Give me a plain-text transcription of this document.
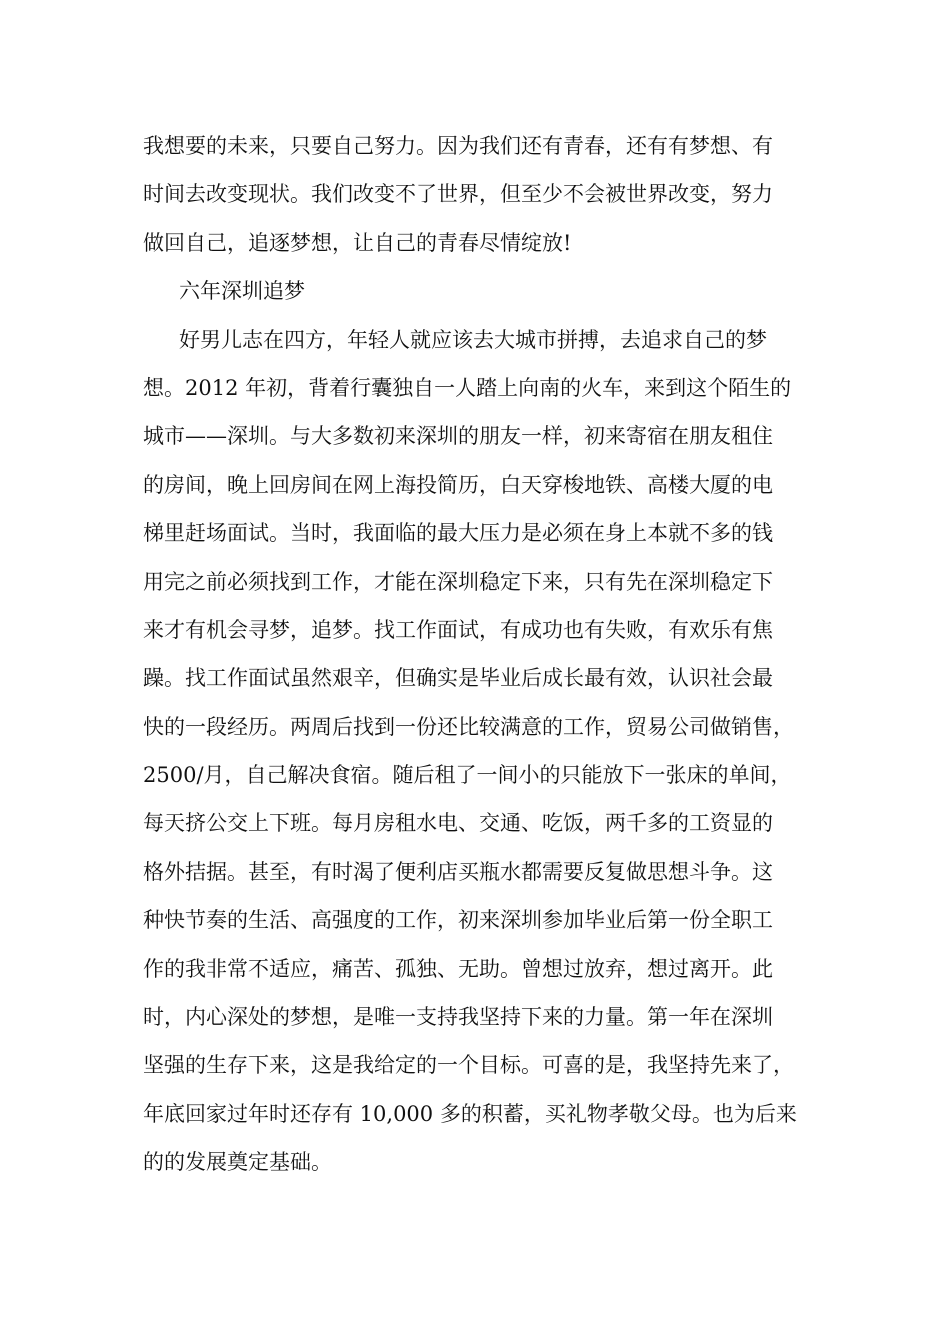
我想要的未来，只要自己努力。因为我们还有青春，还有有梦想、有
时间去改变现状。我们改变不了世界，但至少不会被世界改变，努力
做回自己，追逐梦想，让自己的青春尽情绽放!
六年深圳追梦
好男儿志在四方，年轻人就应该去大城市拼搏，去追求自己的梦
想。2012 年初，背着行囊独自一人踏上向南的火车，来到这个陌生的
城市——深圳。与大多数初来深圳的朋友一样，初来寄宿在朋友租住
的房间，晚上回房间在网上海投简历，白天穿梭地铁、高楼大厦的电
梯里赶场面试。当时，我面临的最大压力是必须在身上本就不多的钱
用完之前必须找到工作，才能在深圳稳定下来，只有先在深圳稳定下
来才有机会寻梦，追梦。找工作面试，有成功也有失败，有欢乐有焦
躁。找工作面试虽然艰辛，但确实是毕业后成长最有效，认识社会最
快的一段经历。两周后找到一份还比较满意的工作，贸易公司做销售，
2500/月，自己解决食宿。随后租了一间小的只能放下一张床的单间，
每天挤公交上下班。每月房租水电、交通、吃饭，两千多的工资显的
格外拮据。甚至，有时渴了便利店买瓶水都需要反复做思想斗争。这
种快节奏的生活、高强度的工作，初来深圳参加毕业后第一份全职工
作的我非常不适应，痛苦、孤独、无助。曾想过放弃，想过离开。此
时，内心深处的梦想，是唯一支持我坚持下来的力量。第一年在深圳
坚强的生存下来，这是我给定的一个目标。可喜的是，我坚持先来了，
年底回家过年时还存有 10,000 多的积蓄，买礼物孝敬父母。也为后来
的的发展奠定基础。
